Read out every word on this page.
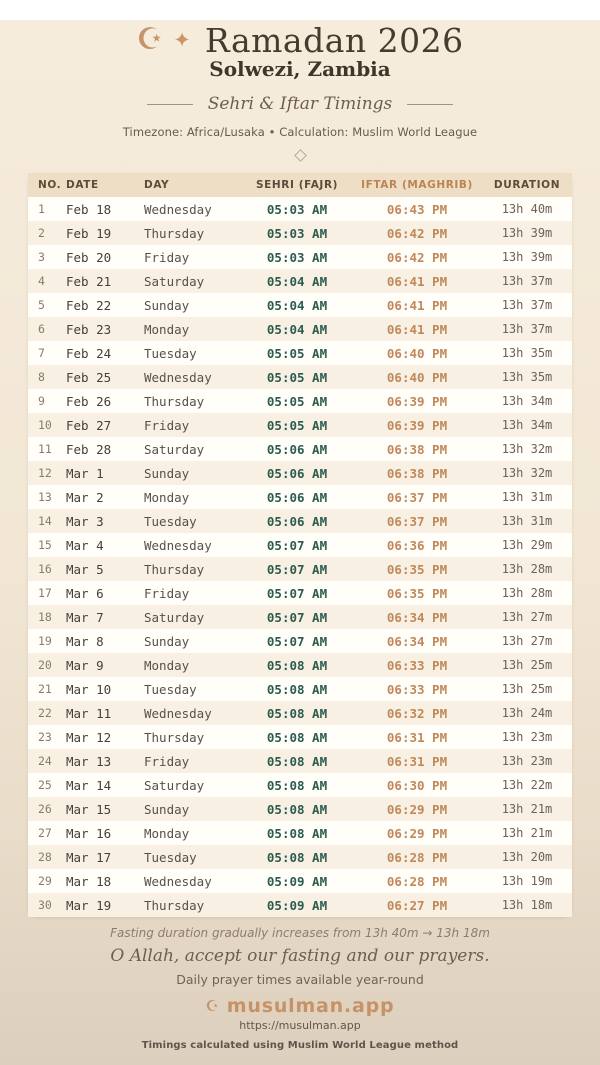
☪ ✦ Ramadan 2026
Solwezi, Zambia
Sehri & Iftar Timings
Timezone: Africa/Lusaka • Calculation: Muslim World League
NO.	DATE	DAY	SEHRI (FAJR)	IFTAR (MAGHRIB)	DURATION
1	Feb 18	Wednesday	05:03 AM	06:43 PM	13h 40m
2	Feb 19	Thursday	05:03 AM	06:42 PM	13h 39m
3	Feb 20	Friday	05:03 AM	06:42 PM	13h 39m
4	Feb 21	Saturday	05:04 AM	06:41 PM	13h 37m
5	Feb 22	Sunday	05:04 AM	06:41 PM	13h 37m
6	Feb 23	Monday	05:04 AM	06:41 PM	13h 37m
7	Feb 24	Tuesday	05:05 AM	06:40 PM	13h 35m
8	Feb 25	Wednesday	05:05 AM	06:40 PM	13h 35m
9	Feb 26	Thursday	05:05 AM	06:39 PM	13h 34m
10	Feb 27	Friday	05:05 AM	06:39 PM	13h 34m
11	Feb 28	Saturday	05:06 AM	06:38 PM	13h 32m
12	Mar 1	Sunday	05:06 AM	06:38 PM	13h 32m
13	Mar 2	Monday	05:06 AM	06:37 PM	13h 31m
14	Mar 3	Tuesday	05:06 AM	06:37 PM	13h 31m
15	Mar 4	Wednesday	05:07 AM	06:36 PM	13h 29m
16	Mar 5	Thursday	05:07 AM	06:35 PM	13h 28m
17	Mar 6	Friday	05:07 AM	06:35 PM	13h 28m
18	Mar 7	Saturday	05:07 AM	06:34 PM	13h 27m
19	Mar 8	Sunday	05:07 AM	06:34 PM	13h 27m
20	Mar 9	Monday	05:08 AM	06:33 PM	13h 25m
21	Mar 10	Tuesday	05:08 AM	06:33 PM	13h 25m
22	Mar 11	Wednesday	05:08 AM	06:32 PM	13h 24m
23	Mar 12	Thursday	05:08 AM	06:31 PM	13h 23m
24	Mar 13	Friday	05:08 AM	06:31 PM	13h 23m
25	Mar 14	Saturday	05:08 AM	06:30 PM	13h 22m
26	Mar 15	Sunday	05:08 AM	06:29 PM	13h 21m
27	Mar 16	Monday	05:08 AM	06:29 PM	13h 21m
28	Mar 17	Tuesday	05:08 AM	06:28 PM	13h 20m
29	Mar 18	Wednesday	05:09 AM	06:28 PM	13h 19m
30	Mar 19	Thursday	05:09 AM	06:27 PM	13h 18m
Fasting duration gradually increases from 13h 40m → 13h 18m
O Allah, accept our fasting and our prayers.
Daily prayer times available year-round
☪ musulman.app
https://musulman.app
Timings calculated using Muslim World League method
